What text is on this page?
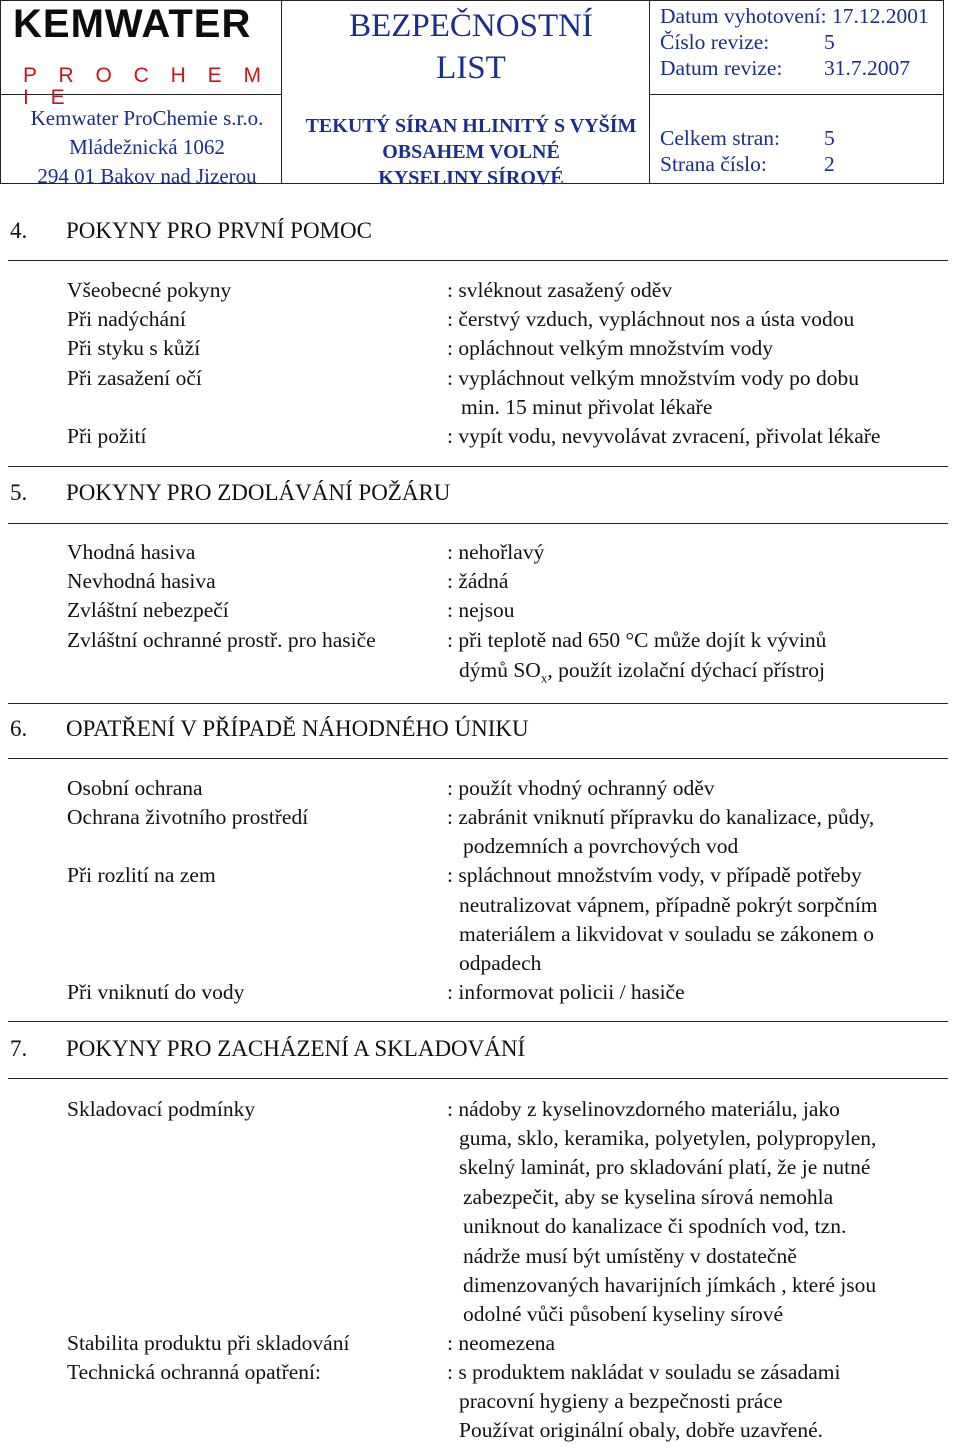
KEMWATER
P R O C H E M I E
Kemwater ProChemie s.r.o.
Mládežnická 1062
294 01 Bakov nad Jizerou
BEZPEČNOSTNÍ
LIST
TEKUTÝ SÍRAN HLINITÝ S VYŠÍM
OBSAHEM VOLNÉ
KYSELINY SÍROVÉ
Datum vyhotovení: 17.12.2001
Číslo revize:	5
Datum revize: 31.7.2007
Celkem stran: 5
Strana číslo:	2
4. POKYNY PRO PRVNÍ POMOC
Všeobecné pokyny	: svléknout zasažený oděv
Při nadýchání	: čerstvý vzduch, vypláchnout nos a ústa vodou
Při styku s kůží	: opláchnout velkým množstvím vody
Při zasažení očí	: vypláchnout velkým množstvím vody po dobu
min. 15 minut přivolat lékaře
Při požití	: vypít vodu, nevyvolávat zvracení, přivolat lékaře
5. POKYNY PRO ZDOLÁVÁNÍ POŽÁRU
Vhodná hasiva	: nehořlavý
Nevhodná hasiva	: žádná
Zvláštní nebezpečí	: nejsou
Zvláštní ochranné prostř. pro hasiče	: při teplotě nad 650 °C může dojít k vývinů
dýmů $SO_x$, použít izolační dýchací přístroj
6. OPATŘENÍ V PŘÍPADĚ NÁHODNÉHO ÚNIKU
Osobní ochrana	: použít vhodný ochranný oděv
Ochrana životního prostředí	: zabránit vniknutí přípravku do kanalizace, půdy,
podzemních a povrchových vod
Při rozlití na zem	: spláchnout množstvím vody, v případě potřeby
neutralizovat vápnem, případně pokrýt sorpčním
materiálem a likvidovat v souladu se zákonem o
odpadech
Při vniknutí do vody	: informovat policii / hasiče
7. POKYNY PRO ZACHÁZENÍ A SKLADOVÁNÍ
Skladovací podmínky	: nádoby z kyselinovzdorného materiálu, jako
guma, sklo, keramika, polyetylen, polypropylen,
skelný laminát, pro skladování platí, že je nutné
zabezpečit, aby se kyselina sírová nemohla
uniknout do kanalizace či spodních vod, tzn.
nádrže musí být umístěny v dostatečně
dimenzovaných havarijních jímkách , které jsou
odolné vůči působení kyseliny sírové
Stabilita produktu při skladování	: neomezena
Technická ochranná opatření:	: s produktem nakládat v souladu se zásadami
pracovní hygieny a bezpečnosti práce
Používat originální obaly, dobře uzavřené.
